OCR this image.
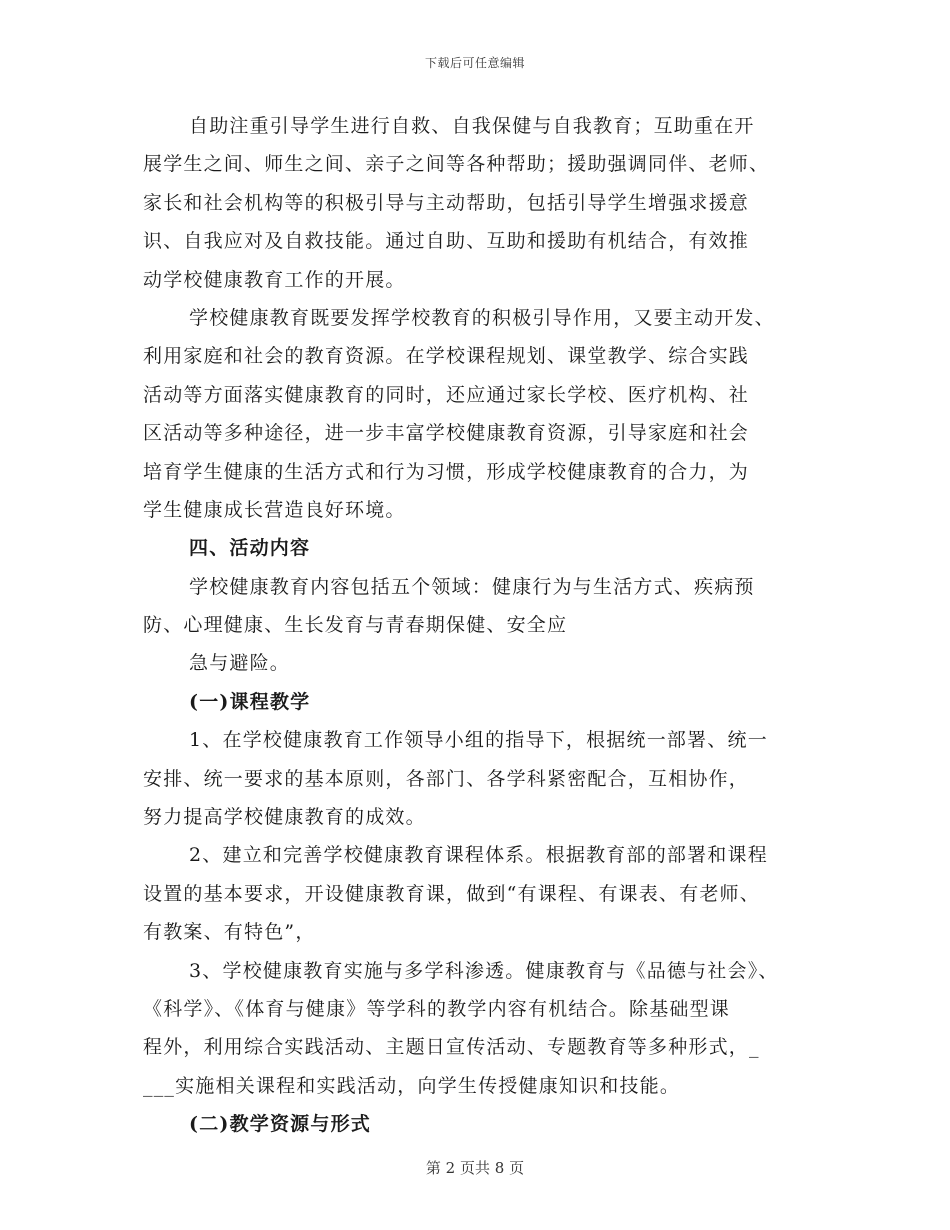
下载后可任意编辑
自助注重引导学生进行自救、自我保健与自我教育；互助重在开
展学生之间、师生之间、亲子之间等各种帮助；援助强调同伴、老师、
家长和社会机构等的积极引导与主动帮助，包括引导学生增强求援意
识、自我应对及自救技能。通过自助、互助和援助有机结合，有效推
动学校健康教育工作的开展。
学校健康教育既要发挥学校教育的积极引导作用，又要主动开发、
利用家庭和社会的教育资源。在学校课程规划、课堂教学、综合实践
活动等方面落实健康教育的同时，还应通过家长学校、医疗机构、社
区活动等多种途径，进一步丰富学校健康教育资源，引导家庭和社会
培育学生健康的生活方式和行为习惯，形成学校健康教育的合力，为
学生健康成长营造良好环境。
四、活动内容
学校健康教育内容包括五个领域：健康行为与生活方式、疾病预
防、心理健康、生长发育与青春期保健、安全应
急与避险。
(一)课程教学
1、在学校健康教育工作领导小组的指导下，根据统一部署、统一
安排、统一要求的基本原则，各部门、各学科紧密配合，互相协作，
努力提高学校健康教育的成效。
2、建立和完善学校健康教育课程体系。根据教育部的部署和课程
设置的基本要求，开设健康教育课，做到“有课程、有课表、有老师、
有教案、有特色”，
3、学校健康教育实施与多学科渗透。健康教育与《品德与社会》、
《科学》、《体育与健康》等学科的教学内容有机结合。除基础型课
程外，利用综合实践活动、主题日宣传活动、专题教育等多种形式，_
___实施相关课程和实践活动，向学生传授健康知识和技能。
(二)教学资源与形式
第 2 页共 8 页
